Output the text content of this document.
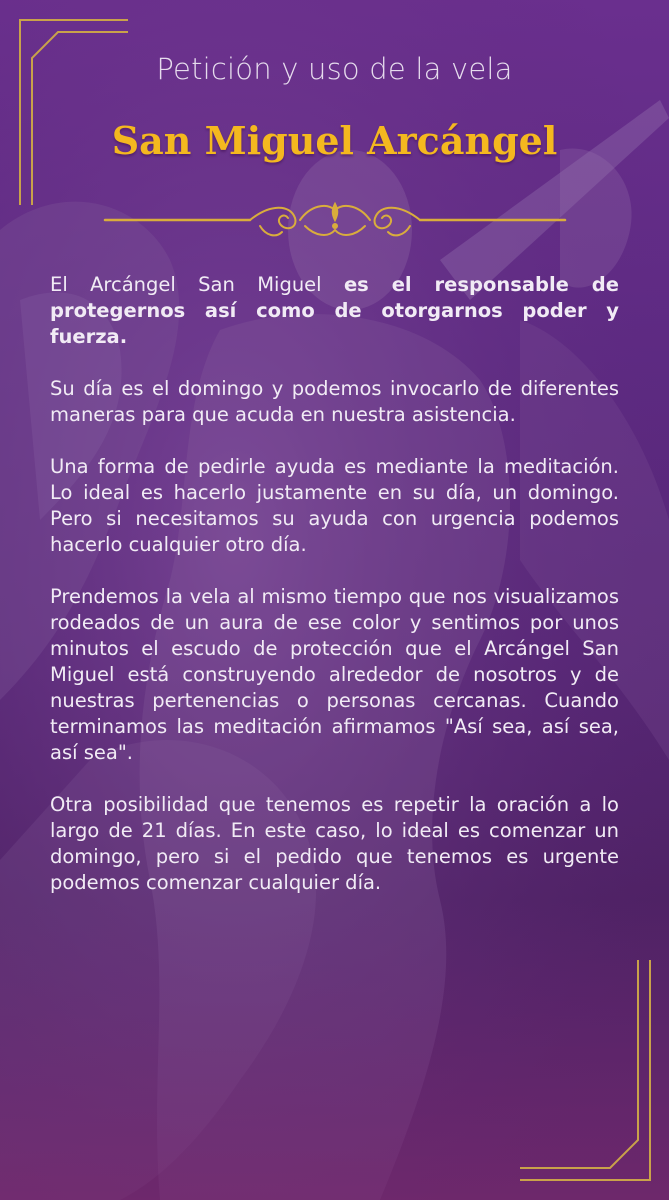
Petición y uso de la vela
San Miguel Arcángel

El Arcángel San Miguel es el responsable de protegernos así como de otorgarnos poder y fuerza.

Su día es el domingo y podemos invocarlo de diferentes maneras para que acuda en nuestra asistencia.

Una forma de pedirle ayuda es mediante la meditación. Lo ideal es hacerlo justamente en su día, un domingo. Pero si necesitamos su ayuda con urgencia podemos hacerlo cualquier otro día.

Prendemos la vela al mismo tiempo que nos visualizamos rodeados de un aura de ese color y sentimos por unos minutos el escudo de protección que el Arcángel San Miguel está construyendo alrededor de nosotros y de nuestras pertenencias o personas cercanas. Cuando terminamos las meditación afirmamos "Así sea, así sea, así sea".

Otra posibilidad que tenemos es repetir la oración a lo largo de 21 días. En este caso, lo ideal es comenzar un domingo, pero si el pedido que tenemos es urgente podemos comenzar cualquier día.
